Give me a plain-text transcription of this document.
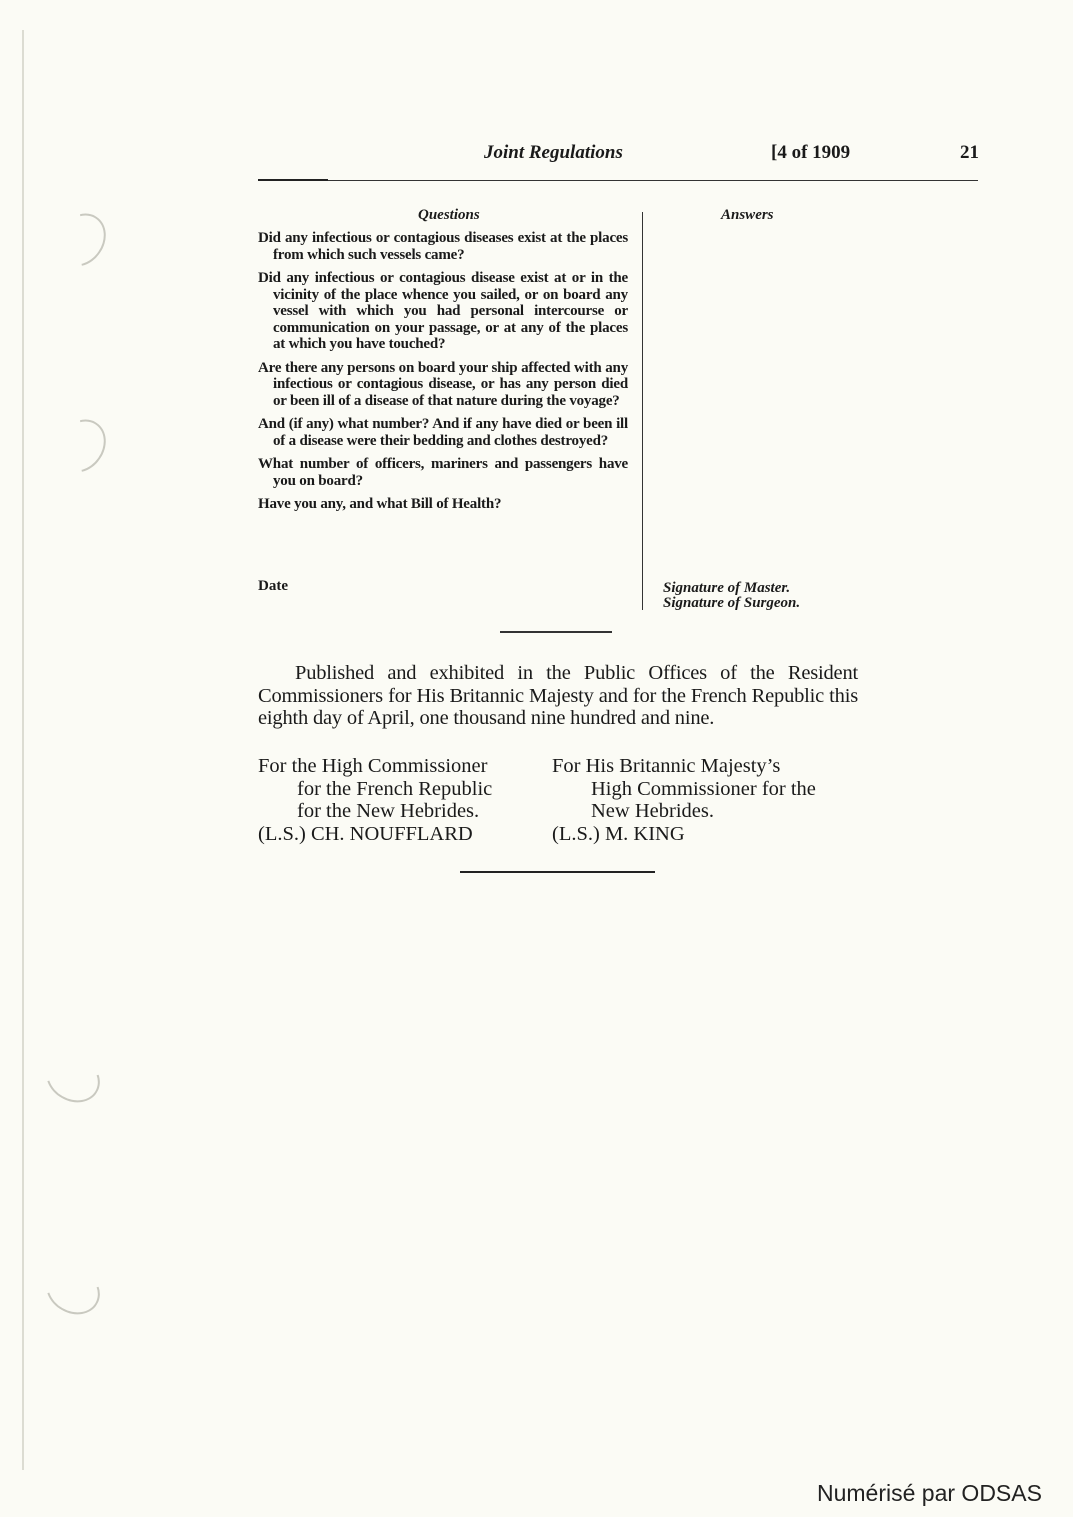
Joint Regulations	[4 of 1909	21
Questions	Answers

Did any infectious or contagious diseases exist at the places from which such vessels came?

Did any infectious or contagious disease exist at or in the vicinity of the place whence you sailed, or on board any vessel with which you had personal intercourse or communication on your passage, or at any of the places at which you have touched?

Are there any persons on board your ship affected with any infectious or contagious disease, or has any person died or been ill of a disease of that nature during the voyage?

And (if any) what number? And if any have died or been ill of a disease were their bedding and clothes destroyed?

What number of officers, mariners and passengers have you on board?

Have you any, and what Bill of Health?

Date	Signature of Master.
Signature of Surgeon.
Published and exhibited in the Public Offices of the Resident Commissioners for His Britannic Majesty and for the French Republic this eighth day of April, one thousand nine hundred and nine.
For the High Commissioner
for the French Republic
for the New Hebrides.
(L.S.) CH. NOUFFLARD
For His Britannic Majesty’s
High Commissioner for the
New Hebrides.
(L.S.) M. KING
Numérisé par ODSAS
